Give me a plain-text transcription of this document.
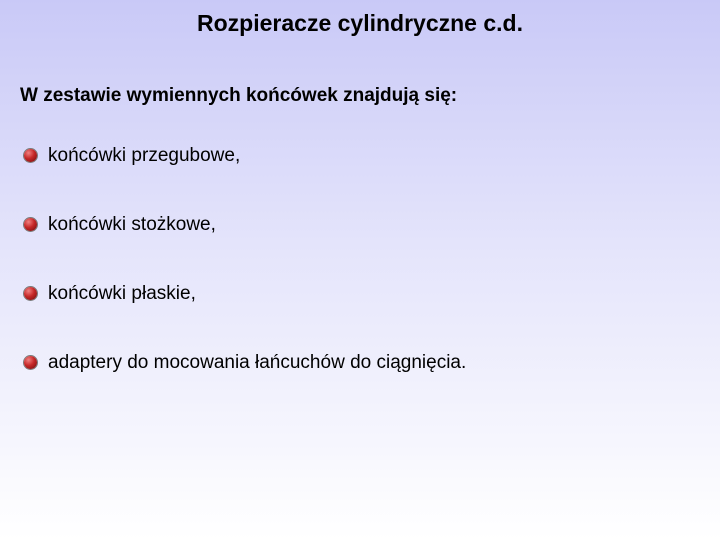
Rozpieracze cylindryczne c.d.
W zestawie wymiennych końcówek znajdują się:
końcówki przegubowe,
końcówki stożkowe,
końcówki płaskie,
adaptery do mocowania łańcuchów do ciągnięcia.
